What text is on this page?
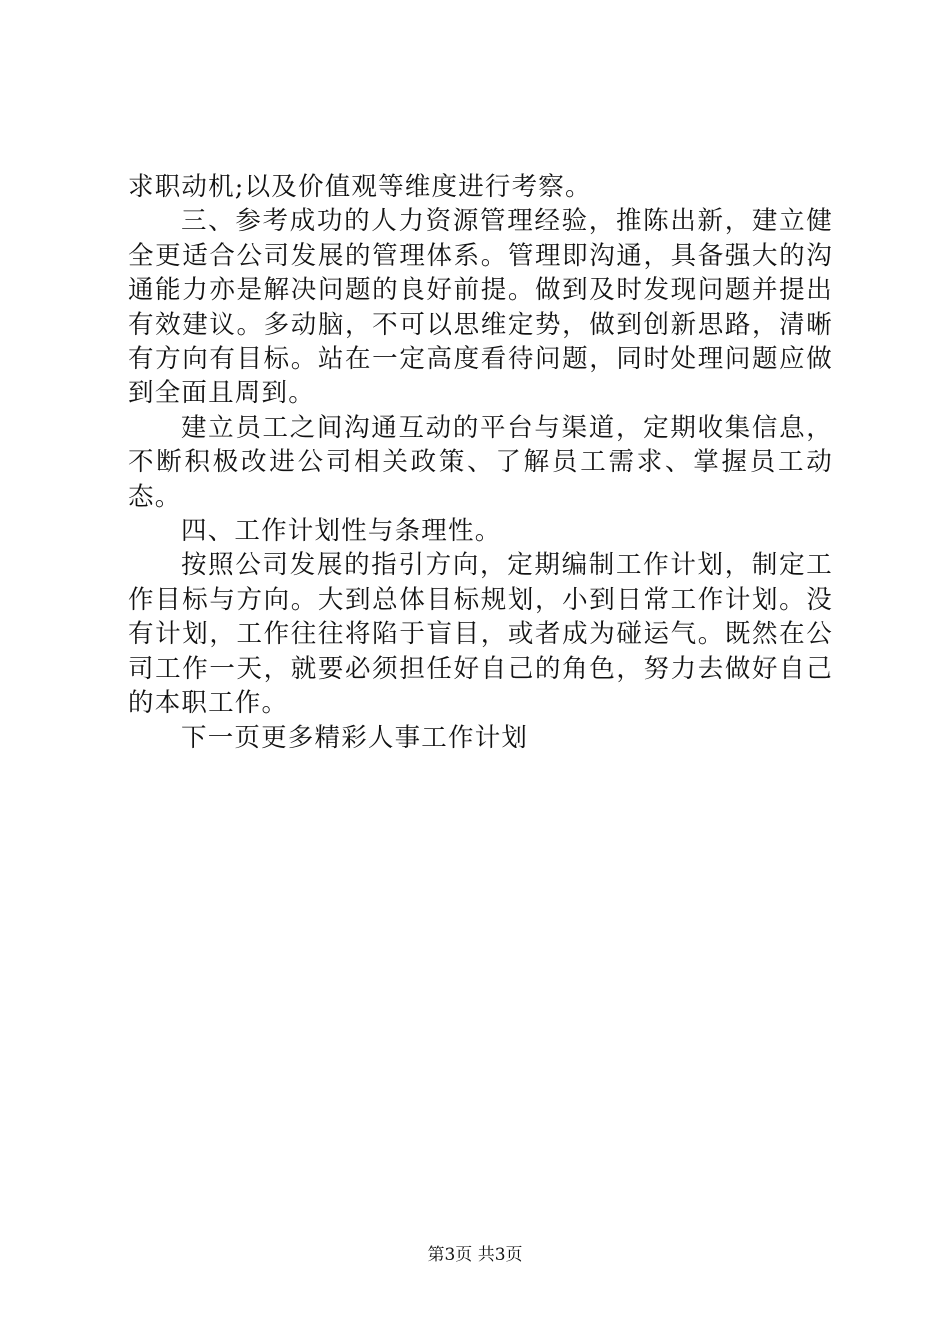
求职动机;以及价值观等维度进行考察。

三、参考成功的人力资源管理经验，推陈出新，建立健全更适合公司发展的管理体系。管理即沟通，具备强大的沟通能力亦是解决问题的良好前提。做到及时发现问题并提出有效建议。多动脑，不可以思维定势，做到创新思路，清晰有方向有目标。站在一定高度看待问题，同时处理问题应做到全面且周到。

建立员工之间沟通互动的平台与渠道，定期收集信息，不断积极改进公司相关政策、了解员工需求、掌握员工动态。

四、工作计划性与条理性。

按照公司发展的指引方向，定期编制工作计划，制定工作目标与方向。大到总体目标规划，小到日常工作计划。没有计划，工作往往将陷于盲目，或者成为碰运气。既然在公司工作一天，就要必须担任好自己的角色，努力去做好自己的本职工作。

下一页更多精彩人事工作计划

第3页 共3页
